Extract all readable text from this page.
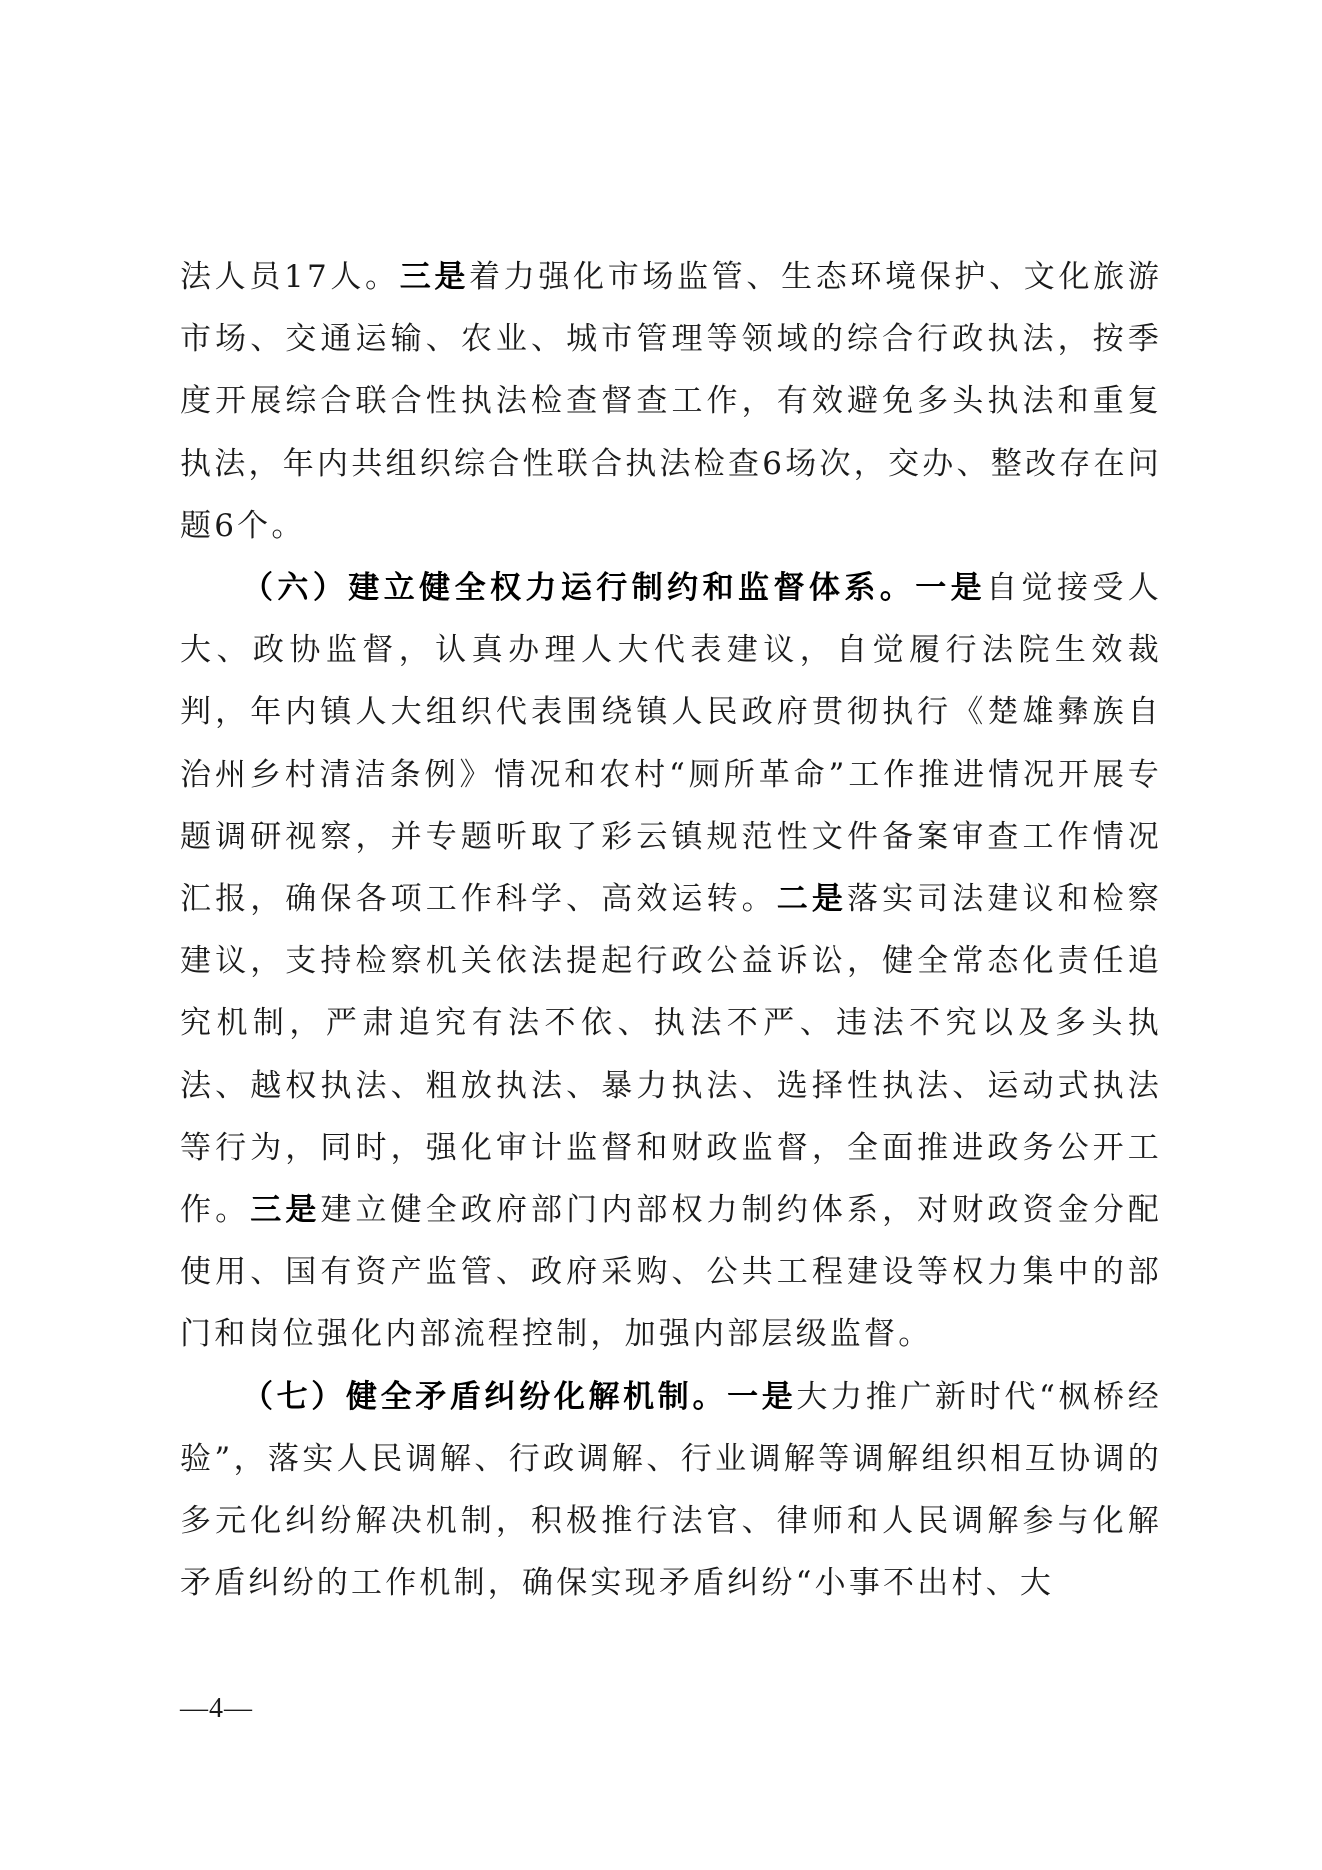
法人员17人。三是着力强化市场监管、生态环境保护、文化旅游市场、交通运输、农业、城市管理等领域的综合行政执法，按季度开展综合联合性执法检查督查工作，有效避免多头执法和重复执法，年内共组织综合性联合执法检查6场次，交办、整改存在问题6个。

（六）建立健全权力运行制约和监督体系。一是自觉接受人大、政协监督，认真办理人大代表建议，自觉履行法院生效裁判，年内镇人大组织代表围绕镇人民政府贯彻执行《楚雄彝族自治州乡村清洁条例》情况和农村“厕所革命”工作推进情况开展专题调研视察，并专题听取了彩云镇规范性文件备案审查工作情况汇报，确保各项工作科学、高效运转。二是落实司法建议和检察建议，支持检察机关依法提起行政公益诉讼，健全常态化责任追究机制，严肃追究有法不依、执法不严、违法不究以及多头执法、越权执法、粗放执法、暴力执法、选择性执法、运动式执法等行为，同时，强化审计监督和财政监督，全面推进政务公开工作。三是建立健全政府部门内部权力制约体系，对财政资金分配使用、国有资产监管、政府采购、公共工程建设等权力集中的部门和岗位强化内部流程控制，加强内部层级监督。

（七）健全矛盾纠纷化解机制。一是大力推广新时代“枫桥经验”，落实人民调解、行政调解、行业调解等调解组织相互协调的多元化纠纷解决机制，积极推行法官、律师和人民调解参与化解矛盾纠纷的工作机制，确保实现矛盾纠纷“小事不出村、大

—4—
